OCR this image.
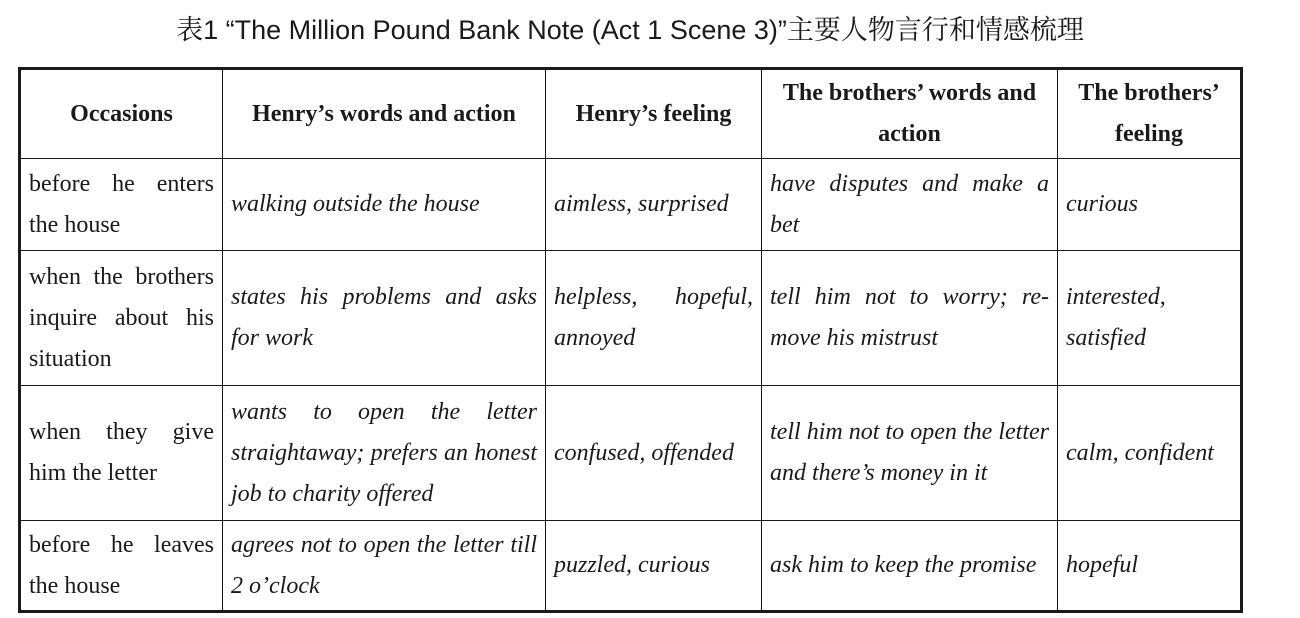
表1 “The Million Pound Bank Note (Act 1 Scene 3)”主要人物言行和情感梳理
Occasions	Henry’s words and action	Henry’s feeling	The brothers’ words and action	The brothers’ feeling
before he enters the house	walking outside the house	aimless, surprised	have disputes and make a bet	curious
when the brothers inquire about his situation	states his problems and asks for work	helpless, hopeful, annoyed	tell him not to worry; re-move his mistrust	interested, satisfied
when they give him the letter	wants to open the letter straightaway; prefers an honest job to charity offered	confused, offended	tell him not to open the letter and there’s money in it	calm, confident
before he leaves the house	agrees not to open the letter till 2 o’clock	puzzled, curious	ask him to keep the promise	hopeful
